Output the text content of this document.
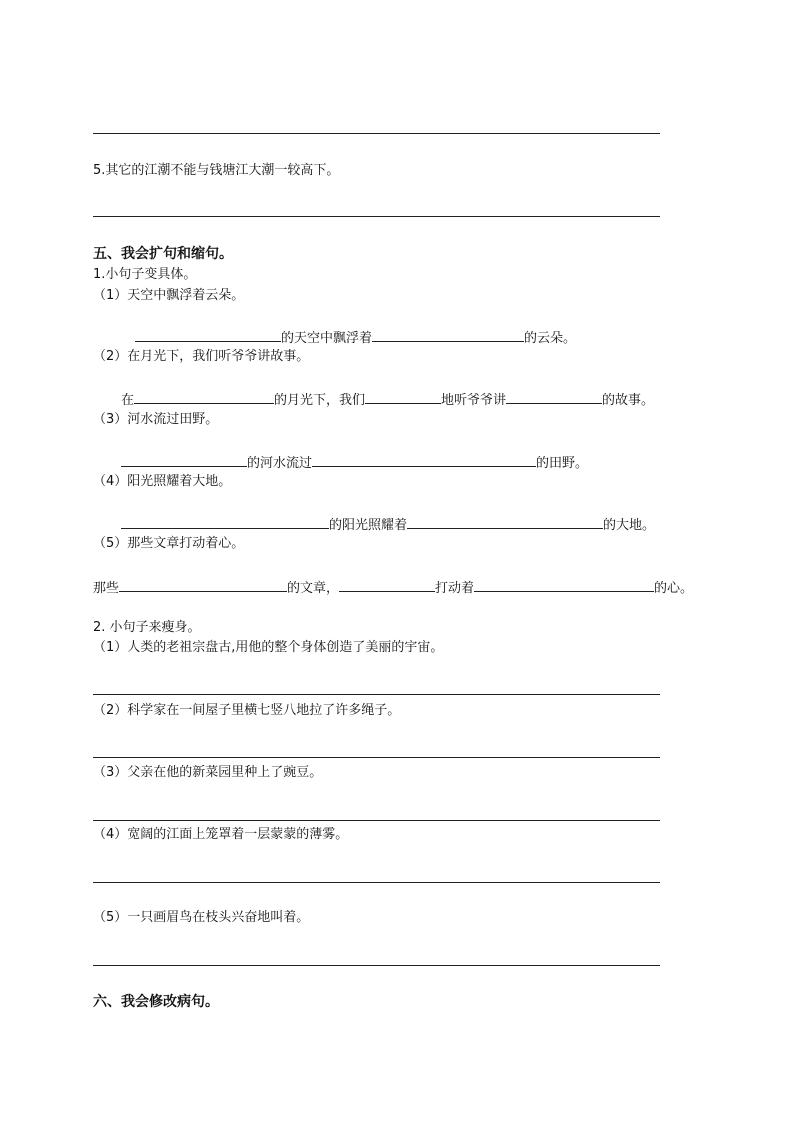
5.其它的江潮不能与钱塘江大潮一较高下。
五、我会扩句和缩句。
1.小句子变具体。
（1）天空中飘浮着云朵。
的天空中飘浮着	的云朵。
（2）在月光下，我们听爷爷讲故事。
在	的月光下，我们	地听爷爷讲	的故事。
（3）河水流过田野。
的河水流过	的田野。
（4）阳光照耀着大地。
的阳光照耀着	的大地。
（5）那些文章打动着心。
那些	的文章，	打动着	的心。
2. 小句子来瘦身。
（1）人类的老祖宗盘古,用他的整个身体创造了美丽的宇宙。
（2）科学家在一间屋子里横七竖八地拉了许多绳子。
（3）父亲在他的新菜园里种上了豌豆。
（4）宽阔的江面上笼罩着一层蒙蒙的薄雾。
（5）一只画眉鸟在枝头兴奋地叫着。
六、我会修改病句。
